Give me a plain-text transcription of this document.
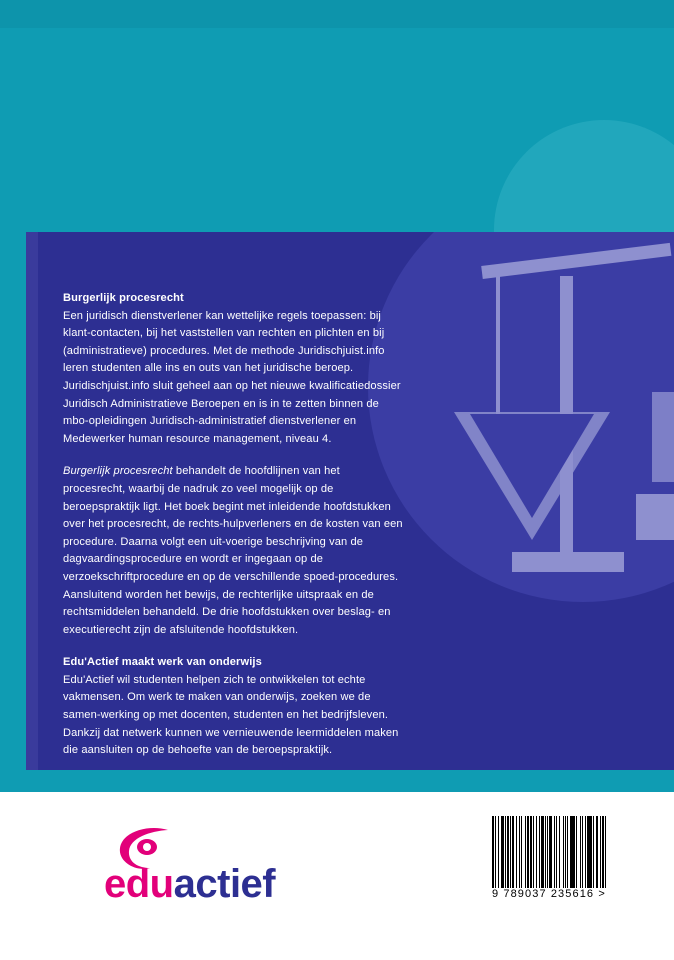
Burgerlijk procesrecht

Een juridisch dienstverlener kan wettelijke regels toepassen: bij klant-contacten, bij het vaststellen van rechten en plichten en bij (administratieve) procedures. Met de methode Juridischjuist.info leren studenten alle ins en outs van het juridische beroep. Juridischjuist.info sluit geheel aan op het nieuwe kwalificatiedossier Juridisch Administratieve Beroepen en is in te zetten binnen de mbo-opleidingen Juridisch-administratief dienstverlener en Medewerker human resource management, niveau 4.

Burgerlijk procesrecht behandelt de hoofdlijnen van het procesrecht, waarbij de nadruk zo veel mogelijk op de beroepspraktijk ligt. Het boek begint met inleidende hoofdstukken over het procesrecht, de rechts-hulpverleners en de kosten van een procedure. Daarna volgt een uit-voerige beschrijving van de dagvaardingsprocedure en wordt er ingegaan op de verzoekschriftprocedure en op de verschillende spoed-procedures. Aansluitend worden het bewijs, de rechterlijke uitspraak en de rechtsmiddelen behandeld. De drie hoofdstukken over beslag- en executierecht zijn de afsluitende hoofdstukken.

Edu'Actief maakt werk van onderwijs

Edu'Actief wil studenten helpen zich te ontwikkelen tot echte vakmensen. Om werk te maken van onderwijs, zoeken we de samen-werking op met docenten, studenten en het bedrijfsleven. Dankzij dat netwerk kunnen we vernieuwende leermiddelen maken die aansluiten op de behoefte van de beroepspraktijk.

eduactief	9 789037 235616 >
